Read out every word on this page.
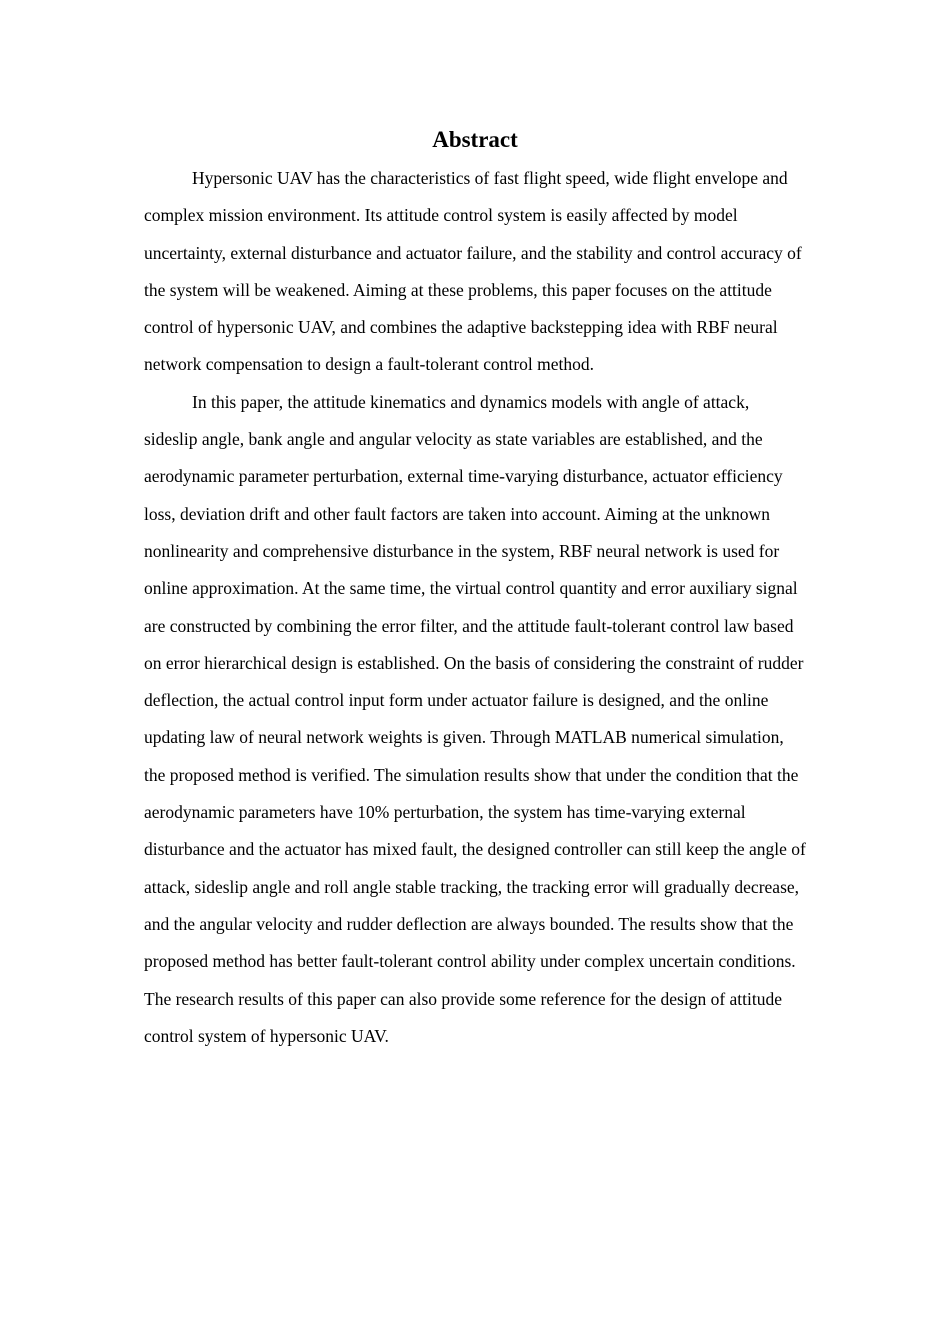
Abstract

Hypersonic UAV has the characteristics of fast flight speed, wide flight envelope and complex mission environment. Its attitude control system is easily affected by model uncertainty, external disturbance and actuator failure, and the stability and control accuracy of the system will be weakened. Aiming at these problems, this paper focuses on the attitude control of hypersonic UAV, and combines the adaptive backstepping idea with RBF neural network compensation to design a fault-tolerant control method.

In this paper, the attitude kinematics and dynamics models with angle of attack, sideslip angle, bank angle and angular velocity as state variables are established, and the aerodynamic parameter perturbation, external time-varying disturbance, actuator efficiency loss, deviation drift and other fault factors are taken into account. Aiming at the unknown nonlinearity and comprehensive disturbance in the system, RBF neural network is used for online approximation. At the same time, the virtual control quantity and error auxiliary signal are constructed by combining the error filter, and the attitude fault-tolerant control law based on error hierarchical design is established. On the basis of considering the constraint of rudder deflection, the actual control input form under actuator failure is designed, and the online updating law of neural network weights is given. Through MATLAB numerical simulation, the proposed method is verified. The simulation results show that under the condition that the aerodynamic parameters have 10% perturbation, the system has time-varying external disturbance and the actuator has mixed fault, the designed controller can still keep the angle of attack, sideslip angle and roll angle stable tracking, the tracking error will gradually decrease, and the angular velocity and rudder deflection are always bounded. The results show that the proposed method has better fault-tolerant control ability under complex uncertain conditions. The research results of this paper can also provide some reference for the design of attitude control system of hypersonic UAV.
